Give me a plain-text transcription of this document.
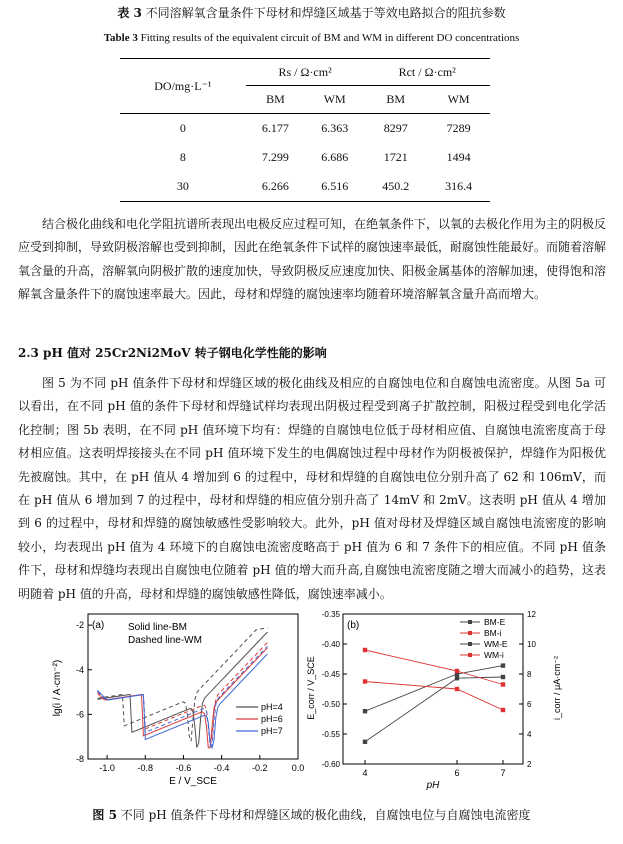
表 3 不同溶解氧含量条件下母材和焊缝区域基于等效电路拟合的阻抗参数
Table 3 Fitting results of the equivalent circuit of BM and WM in different DO concentrations
DO/mg·L⁻¹	Rs / Ω·cm²		Rct / Ω·cm²	
	BM	WM	BM	WM
0	6.177	6.363	8297	7289
8	7.299	6.686	1721	1494
30	6.266	6.516	450.2	316.4

结合极化曲线和电化学阻抗谱所表现出电极反应过程可知，在绝氧条件下，以氧的去极化作用为主的阴极反应受到抑制，导致阴极溶解也受到抑制，因此在绝氧条件下试样的腐蚀速率最低，耐腐蚀性能最好。而随着溶解氧含量的升高，溶解氧向阴极扩散的速度加快，导致阴极反应速度加快、阳极金属基体的溶解加速，使得饱和溶解氧含量条件下的腐蚀速率最大。因此，母材和焊缝的腐蚀速率均随着环境溶解氧含量升高而增大。

2.3 pH 值对 25Cr2Ni2MoV 转子钢电化学性能的影响

图 5 为不同 pH 值条件下母材和焊缝区域的极化曲线及相应的自腐蚀电位和自腐蚀电流密度。从图 5a 可以看出，在不同 pH 值的条件下母材和焊缝试样均表现出阴极过程受到离子扩散控制，阳极过程受到电化学活化控制；图 5b 表明，在不同 pH 值环境下均有：焊缝的自腐蚀电位低于母材相应值、自腐蚀电流密度高于母材相应值。这表明焊接接头在不同 pH 值环境下发生的电偶腐蚀过程中母材作为阴极被保护，焊缝作为阳极优先被腐蚀。其中，在 pH 值从 4 增加到 6 的过程中，母材和焊缝的自腐蚀电位分别升高了 62 和 106mV，而在 pH 值从 6 增加到 7 的过程中，母材和焊缝的相应值分别升高了 14mV 和 2mV。这表明 pH 值从 4 增加到 6 的过程中，母材和焊缝的腐蚀敏感性受影响较大。此外，pH 值对母材及焊缝区域自腐蚀电流密度的影响较小，均表现出 pH 值为 4 环境下的自腐蚀电流密度略高于 pH 值为 6 和 7 条件下的相应值。不同 pH 值条件下，母材和焊缝均表现出自腐蚀电位随着 pH 值的增大而升高,自腐蚀电流密度随之增大而减小的趋势，这表明随着 pH 值的升高，母材和焊缝的腐蚀敏感性降低，腐蚀速率减小。

(a) Solid line-BM
Dashed line-WM
-1.0	-0.8	-0.6	-0.4	-0.2	0.0
-2
-4
-6
-8
pH=4
pH=6
pH=7
lg(i / A·cm⁻²)
E / V_SCE
(b)
4	6	7
-0.35
-0.40
-0.45
-0.50
-0.55
-0.60
12
10
8
6
4
2
BM-E
BM-i
WM-E
WM-i
E_corr / V_SCE	i_corr / μA·cm⁻²
pH
图 5 不同 pH 值条件下母材和焊缝区域的极化曲线，自腐蚀电位与自腐蚀电流密度
